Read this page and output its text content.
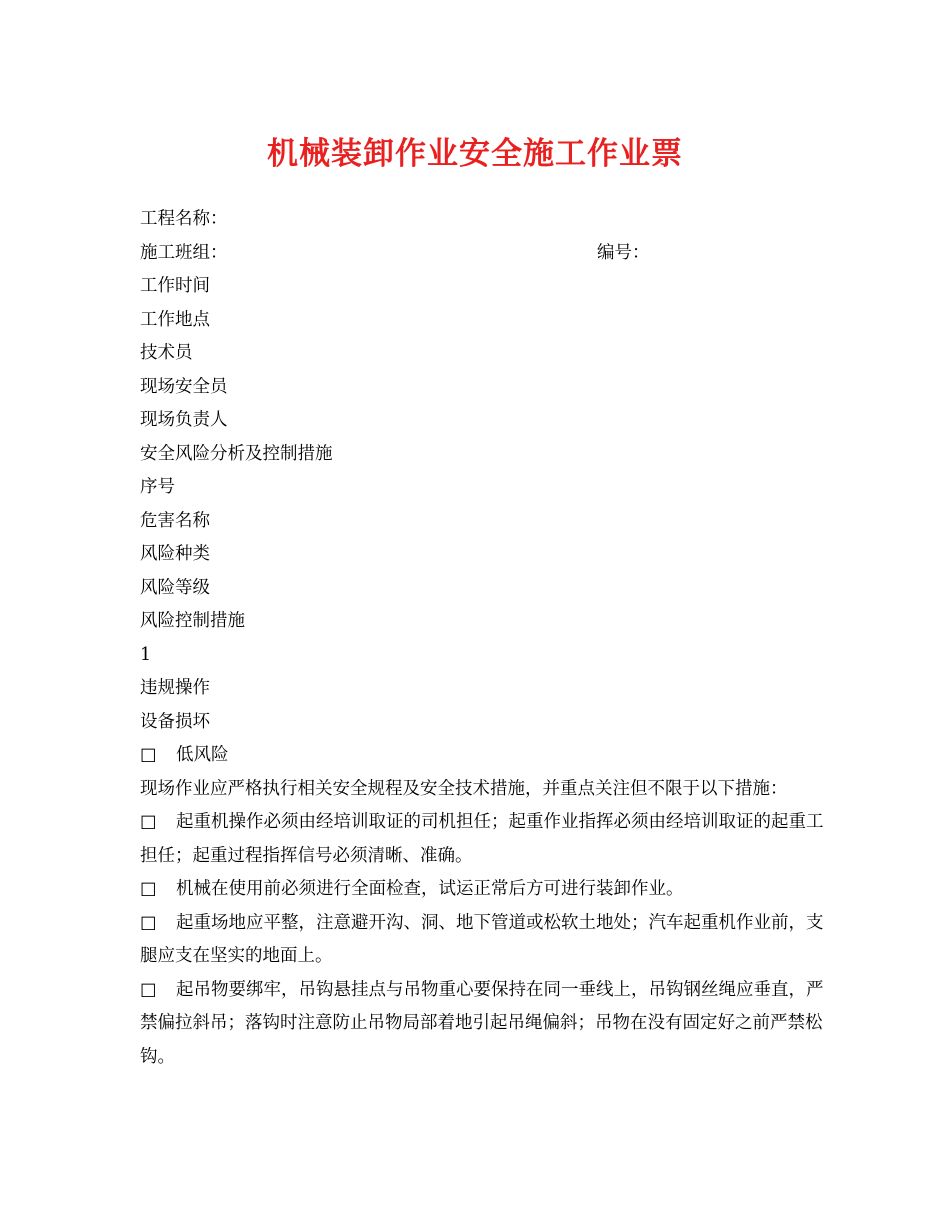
机械装卸作业安全施工作业票
工程名称：
施工班组：	编号：
工作时间
工作地点
技术员
现场安全员
现场负责人
安全风险分析及控制措施
序号
危害名称
风险种类
风险等级
风险控制措施
1
违规操作
设备损坏
□ 低风险
现场作业应严格执行相关安全规程及安全技术措施，并重点关注但不限于以下措施：
□ 起重机操作必须由经培训取证的司机担任；起重作业指挥必须由经培训取证的起重工担任；起重过程指挥信号必须清晰、准确。
□ 机械在使用前必须进行全面检查，试运正常后方可进行装卸作业。
□ 起重场地应平整，注意避开沟、洞、地下管道或松软土地处；汽车起重机作业前，支腿应支在坚实的地面上。
□ 起吊物要绑牢，吊钩悬挂点与吊物重心要保持在同一垂线上，吊钩钢丝绳应垂直，严禁偏拉斜吊；落钩时注意防止吊物局部着地引起吊绳偏斜；吊物在没有固定好之前严禁松钩。
